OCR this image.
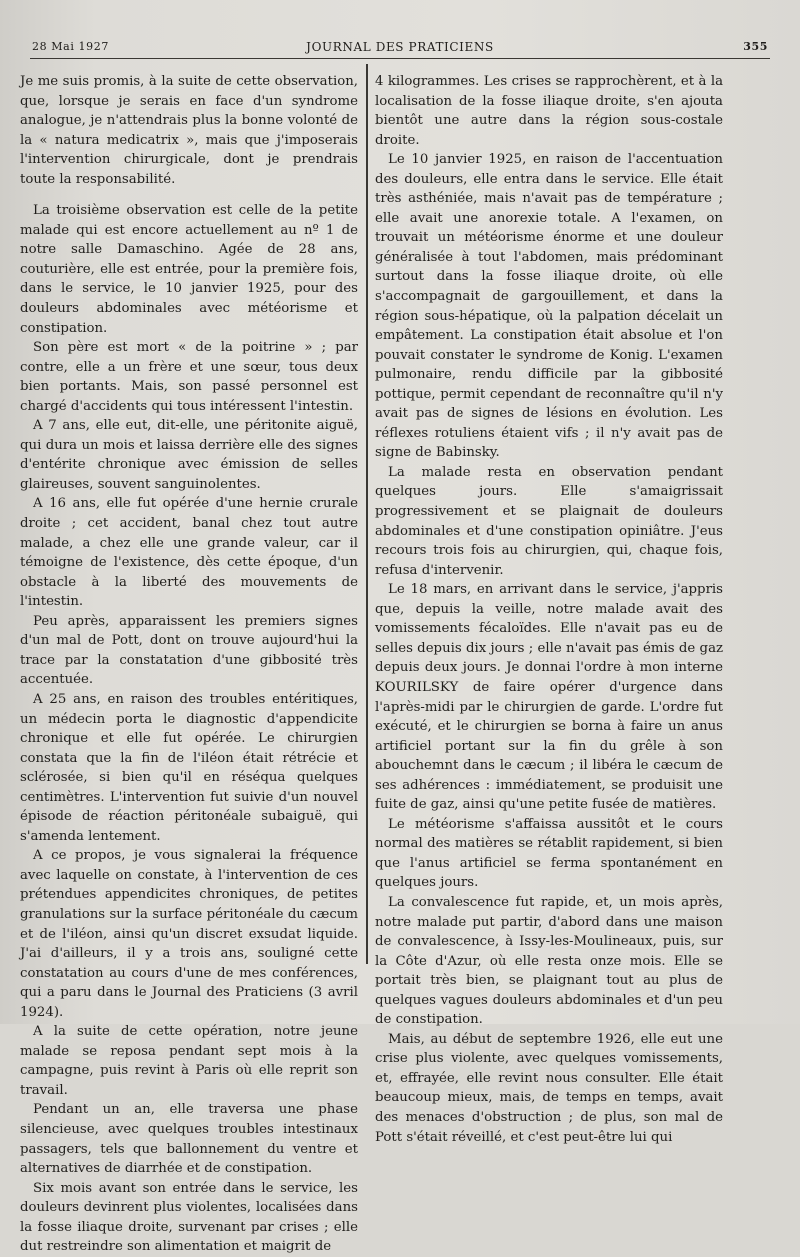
28 Mai 1927	JOURNAL DES PRATICIENS	355

Je me suis promis, à la suite de cette observation, que, lorsque je serais en face d'un syndrome analogue, je n'attendrais plus la bonne volonté de la « natura medicatrix », mais que j'imposerais l'intervention chirurgicale, dont je prendrais toute la responsabilité.

La troisième observation est celle de la petite malade qui est encore actuellement au nº 1 de notre salle Damaschino. Agée de 28 ans, couturière, elle est entrée, pour la première fois, dans le service, le 10 janvier 1925, pour des douleurs abdominales avec météorisme et constipation.

Son père est mort « de la poitrine » ; par contre, elle a un frère et une sœur, tous deux bien portants. Mais, son passé personnel est chargé d'accidents qui tous intéressent l'intestin.

A 7 ans, elle eut, dit-elle, une péritonite aiguë, qui dura un mois et laissa derrière elle des signes d'entérite chronique avec émission de selles glaireuses, souvent sanguinolentes.

A 16 ans, elle fut opérée d'une hernie crurale droite ; cet accident, banal chez tout autre malade, a chez elle une grande valeur, car il témoigne de l'existence, dès cette époque, d'un obstacle à la liberté des mouvements de l'intestin.

Peu après, apparaissent les premiers signes d'un mal de Pott, dont on trouve aujourd'hui la trace par la constatation d'une gibbosité très accentuée.

A 25 ans, en raison des troubles entéritiques, un médecin porta le diagnostic d'appendicite chronique et elle fut opérée. Le chirurgien constata que la fin de l'iléon était rétrécie et sclérosée, si bien qu'il en réséqua quelques centimètres. L'intervention fut suivie d'un nouvel épisode de réaction péritonéale subaiguë, qui s'amenda lentement.

A ce propos, je vous signalerai la fréquence avec laquelle on constate, à l'intervention de ces prétendues appendicites chroniques, de petites granulations sur la surface péritonéale du cæcum et de l'iléon, ainsi qu'un discret exsudat liquide. J'ai d'ailleurs, il y a trois ans, souligné cette constatation au cours d'une de mes conférences, qui a paru dans le Journal des Praticiens (3 avril 1924).

A la suite de cette opération, notre jeune malade se reposa pendant sept mois à la campagne, puis revint à Paris où elle reprit son travail.

Pendant un an, elle traversa une phase silencieuse, avec quelques troubles intestinaux passagers, tels que ballonnement du ventre et alternatives de diarrhée et de constipation.

Six mois avant son entrée dans le service, les douleurs devinrent plus violentes, localisées dans la fosse iliaque droite, survenant par crises ; elle dut restreindre son alimentation et maigrit de

4 kilogrammes. Les crises se rapprochèrent, et à la localisation de la fosse iliaque droite, s'en ajouta bientôt une autre dans la région sous-costale droite.

Le 10 janvier 1925, en raison de l'accentuation des douleurs, elle entra dans le service. Elle était très asthéniée, mais n'avait pas de température ; elle avait une anorexie totale. A l'examen, on trouvait un météorisme énorme et une douleur généralisée à tout l'abdomen, mais prédominant surtout dans la fosse iliaque droite, où elle s'accompagnait de gargouillement, et dans la région sous-hépatique, où la palpation décelait un empâtement. La constipation était absolue et l'on pouvait constater le syndrome de Konig. L'examen pulmonaire, rendu difficile par la gibbosité pottique, permit cependant de reconnaître qu'il n'y avait pas de signes de lésions en évolution. Les réflexes rotuliens étaient vifs ; il n'y avait pas de signe de Babinsky.

La malade resta en observation pendant quelques jours. Elle s'amaigrissait progressivement et se plaignait de douleurs abdominales et d'une constipation opiniâtre. J'eus recours trois fois au chirurgien, qui, chaque fois, refusa d'intervenir.

Le 18 mars, en arrivant dans le service, j'appris que, depuis la veille, notre malade avait des vomissements fécaloïdes. Elle n'avait pas eu de selles depuis dix jours ; elle n'avait pas émis de gaz depuis deux jours. Je donnai l'ordre à mon interne KOURILSKY de faire opérer d'urgence dans l'après-midi par le chirurgien de garde. L'ordre fut exécuté, et le chirurgien se borna à faire un anus artificiel portant sur la fin du grêle à son abouchemnt dans le cæcum ; il libéra le cæcum de ses adhérences : immédiatement, se produisit une fuite de gaz, ainsi qu'une petite fusée de matières.

Le météorisme s'affaissa aussitôt et le cours normal des matières se rétablit rapidement, si bien que l'anus artificiel se ferma spontanément en quelques jours.

La convalescence fut rapide, et, un mois après, notre malade put partir, d'abord dans une maison de convalescence, à Issy-les-Moulineaux, puis, sur la Côte d'Azur, où elle resta onze mois. Elle se portait très bien, se plaignant tout au plus de quelques vagues douleurs abdominales et d'un peu de constipation.

Mais, au début de septembre 1926, elle eut une crise plus violente, avec quelques vomissements, et, effrayée, elle revint nous consulter. Elle était beaucoup mieux, mais, de temps en temps, avait des menaces d'obstruction ; de plus, son mal de Pott s'était réveillé, et c'est peut-être lui qui
